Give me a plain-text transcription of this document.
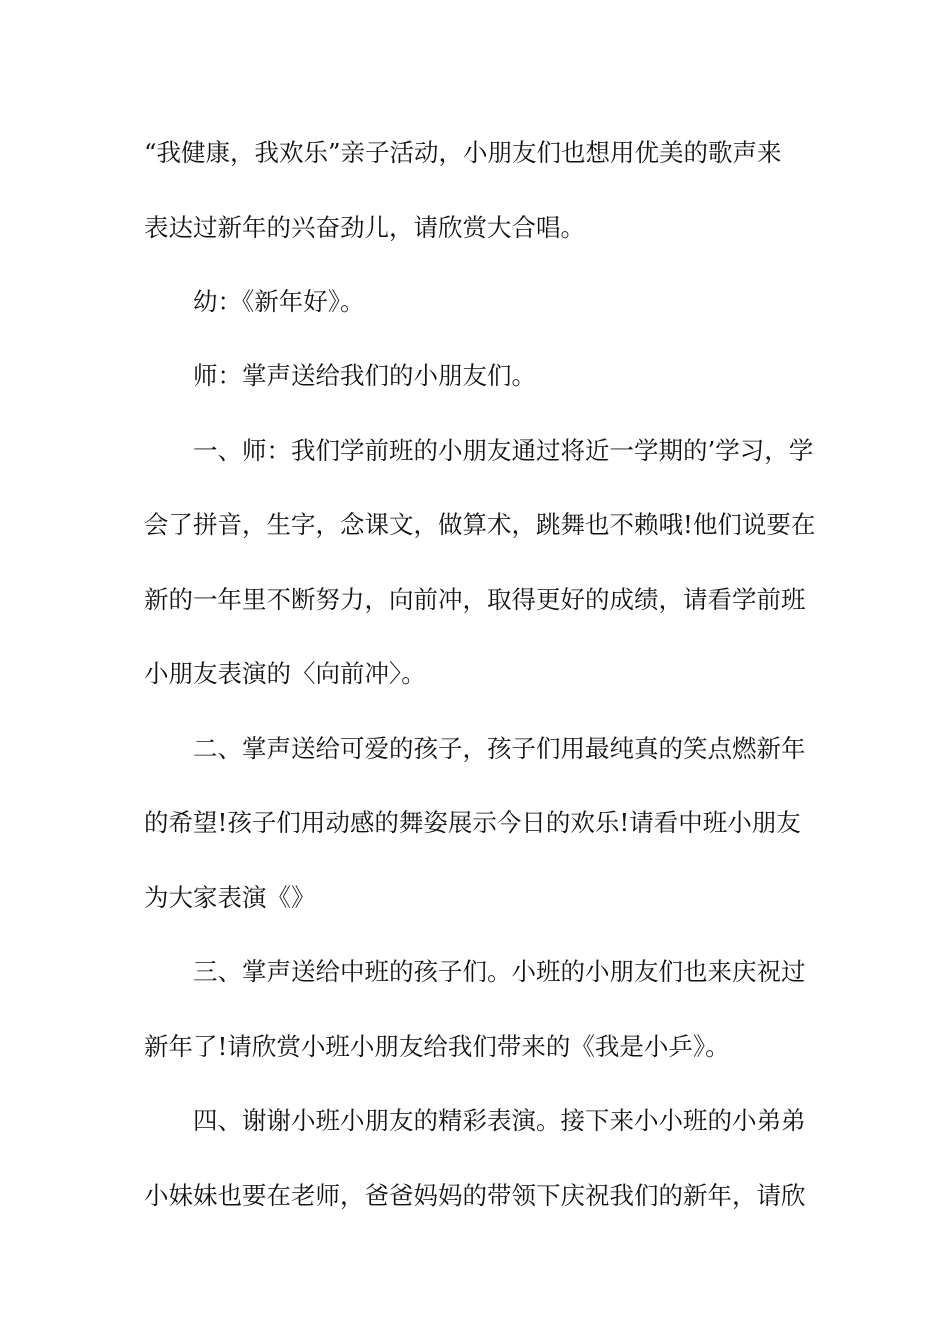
“我健康，我欢乐”亲子活动，小朋友们也想用优美的歌声来
表达过新年的兴奋劲儿，请欣赏大合唱。
幼：《新年好》。
师：掌声送给我们的小朋友们。
一、师：我们学前班的小朋友通过将近一学期的’学习，学
会了拼音，生字，念课文，做算术，跳舞也不赖哦!他们说要在
新的一年里不断努力，向前冲，取得更好的成绩，请看学前班
小朋友表演的〈向前冲〉。
二、掌声送给可爱的孩子，孩子们用最纯真的笑点燃新年
的希望!孩子们用动感的舞姿展示今日的欢乐!请看中班小朋友
为大家表演《》
三、掌声送给中班的孩子们。小班的小朋友们也来庆祝过
新年了!请欣赏小班小朋友给我们带来的《我是小乒》。
四、谢谢小班小朋友的精彩表演。接下来小小班的小弟弟
小妹妹也要在老师，爸爸妈妈的带领下庆祝我们的新年，请欣
